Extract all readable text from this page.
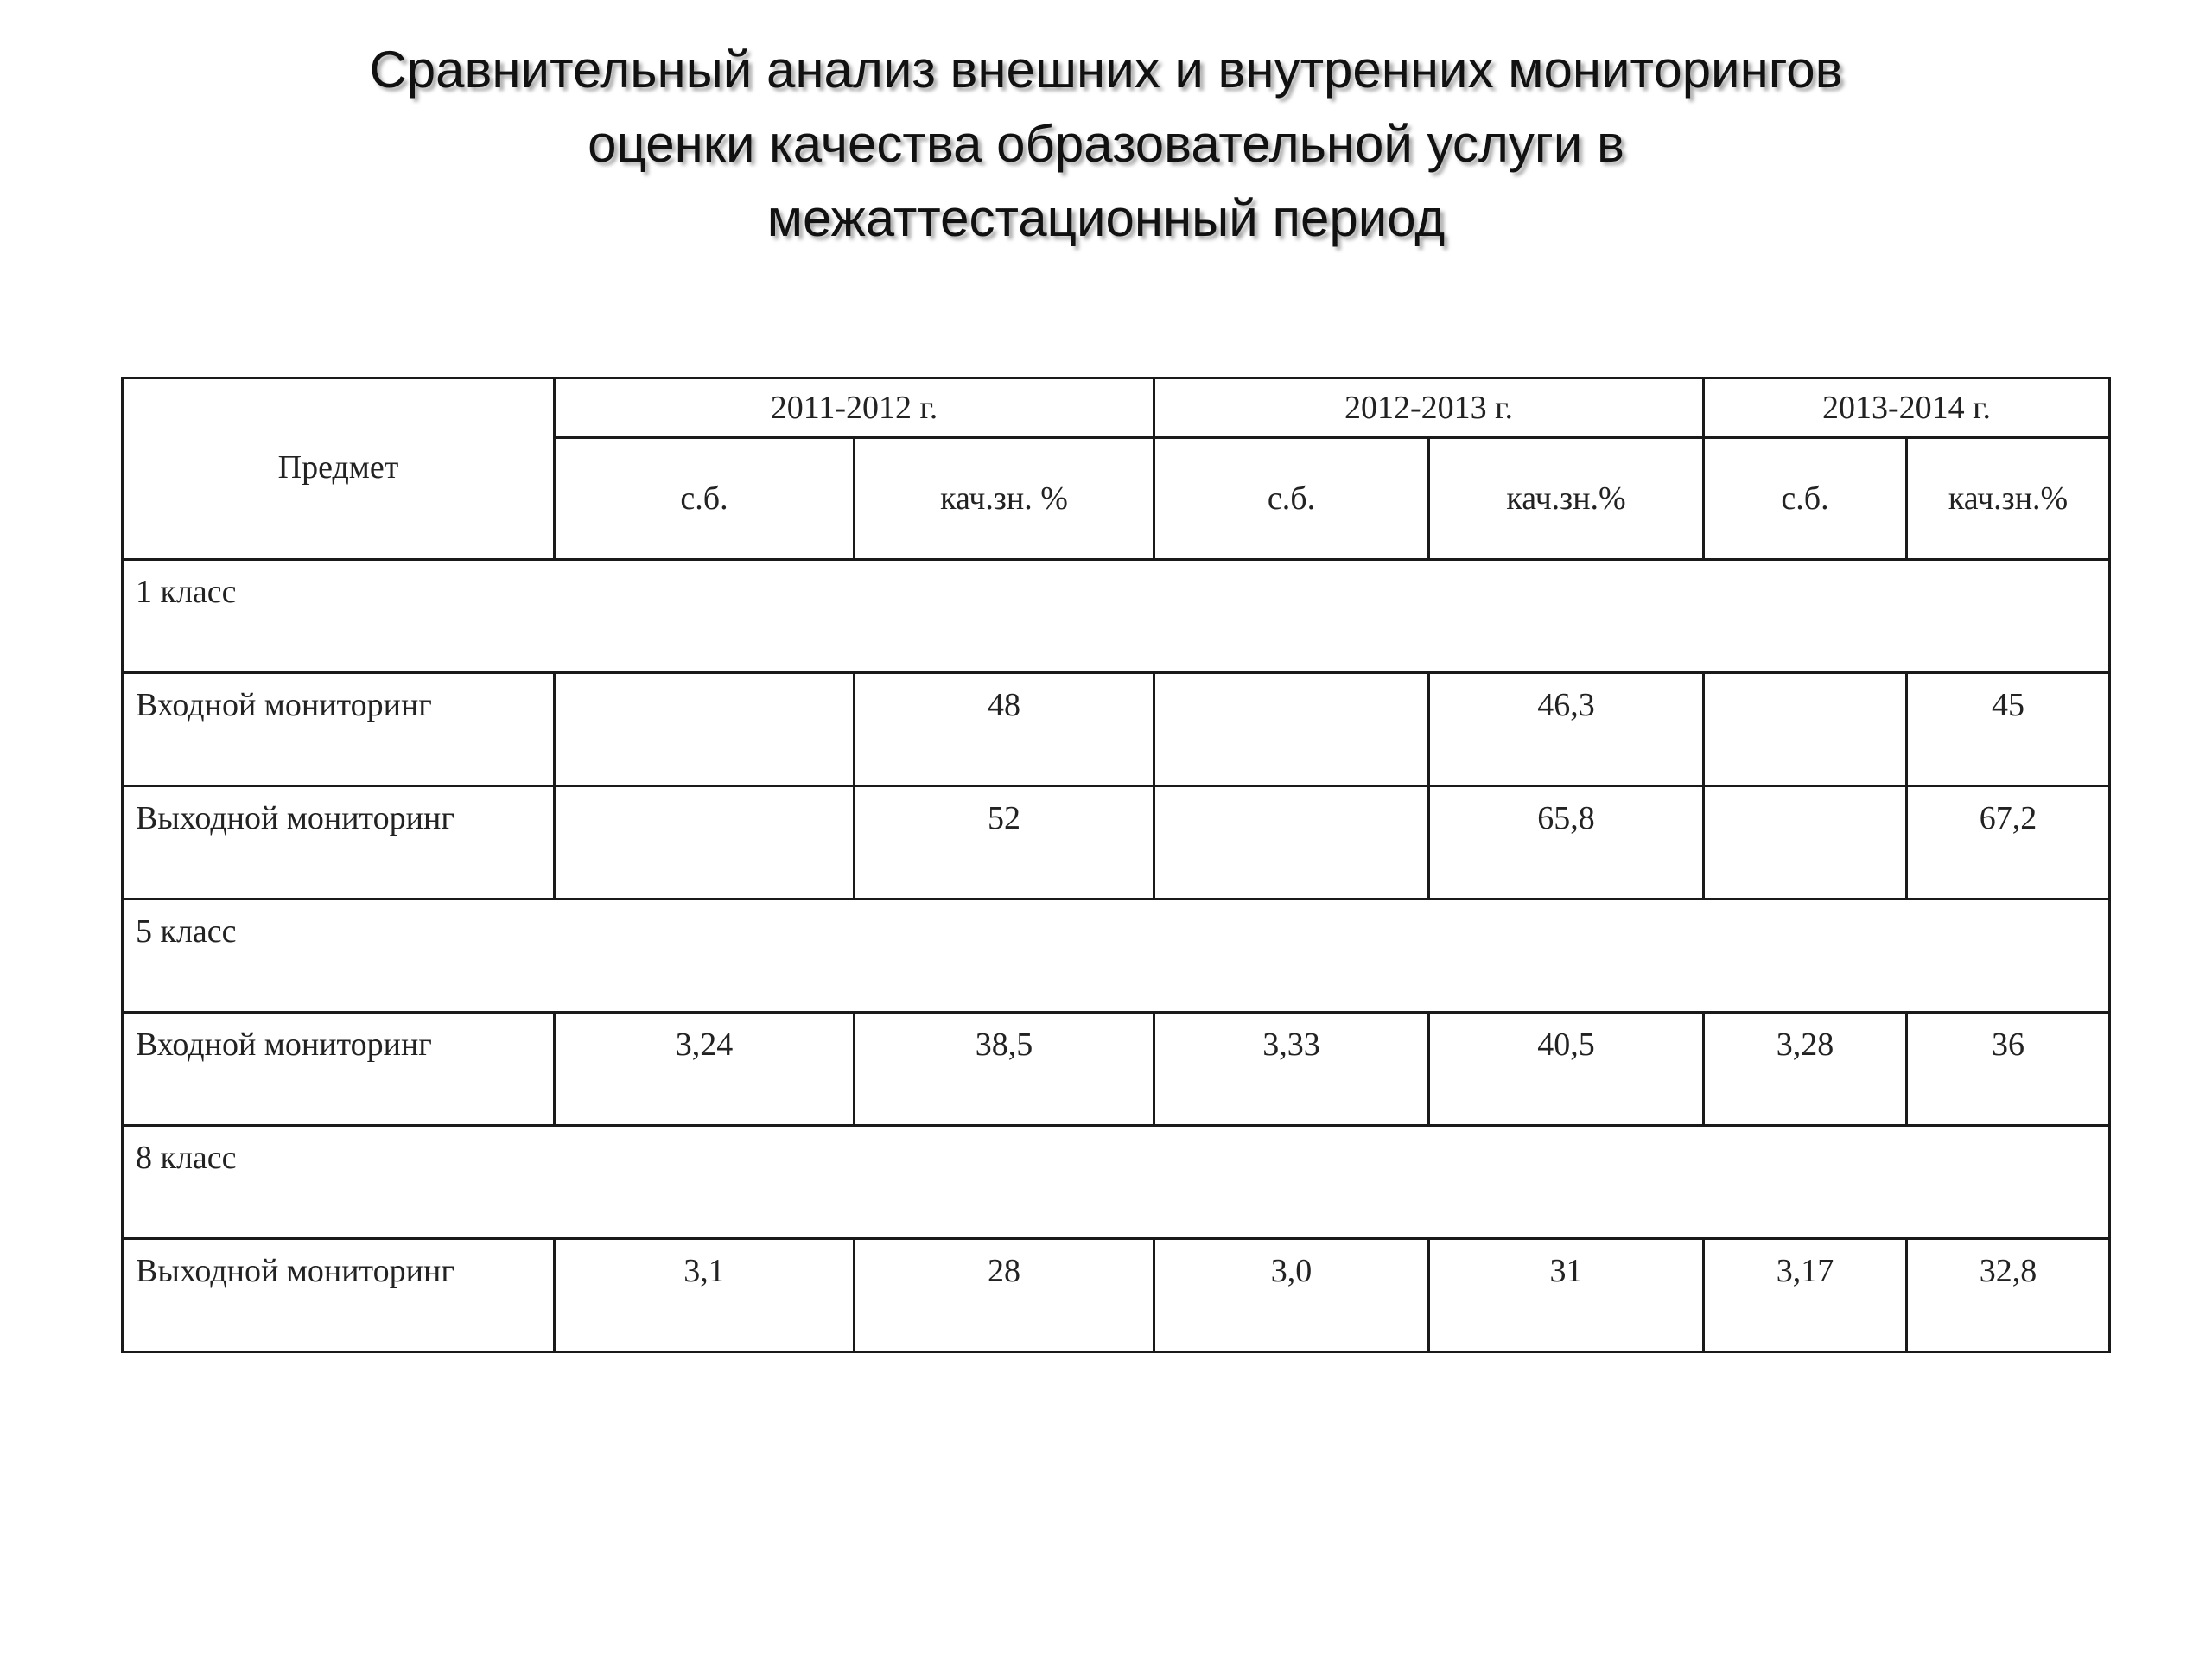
Сравнительный анализ внешних и внутренних мониторингов
оценки качества образовательной услуги в
межаттестационный период
Предмет	2011-2012 г.		2012-2013 г.		2013-2014 г.	
	с.б.	кач.зн. %	с.б.	кач.зн.%	с.б.	кач.зн.%
1 класс						
Входной мониторинг		48		46,3		45
Выходной мониторинг		52		65,8		67,2
5 класс						
Входной мониторинг	3,24	38,5	3,33	40,5	3,28	36
8 класс						
Выходной мониторинг	3,1	28	3,0	31	3,17	32,8
